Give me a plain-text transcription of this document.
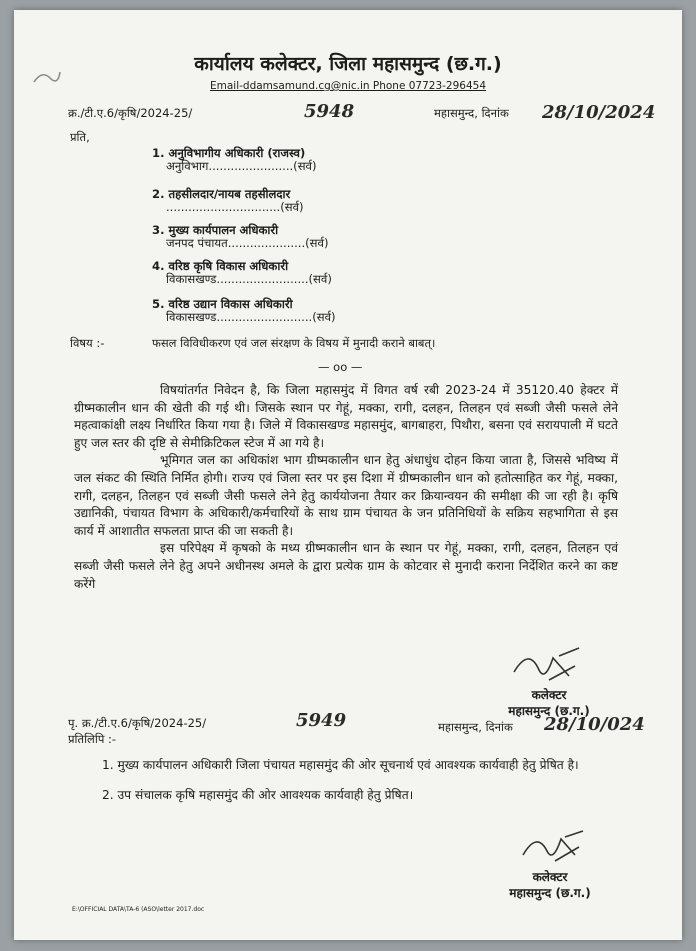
कार्यालय कलेक्टर, जिला महासमुन्द (छ.ग.)
Email-ddamsamund.cg@nic.in Phone 07723-296454
क्र./टी.ए.6/कृषि/2024-25/	5948	महासमुन्द, दिनांक 28/10/2024
प्रति,
1. अनुविभागीय अधिकारी (राजस्व)
अनुविभाग.......................(सर्व)
2. तहसीलदार/नायब तहसीलदार
...............................(सर्व)
3. मुख्य कार्यपालन अधिकारी
जनपद पंचायत.....................(सर्व)
4. वरिष्ठ कृषि विकास अधिकारी
विकासखण्ड.........................(सर्व)
5. वरिष्ठ उद्यान विकास अधिकारी
विकासखण्ड..........................(सर्व)
विषय :-	फसल विविधीकरण एवं जल संरक्षण के विषय में मुनादी कराने बाबत्।
— oo —

विषयांतर्गत निवेदन है, कि जिला महासमुंद में विगत वर्ष रबी 2023-24 में 35120.40 हेक्टर में ग्रीष्मकालीन धान की खेती की गई थी। जिसके स्थान पर गेहूं, मक्का, रागी, दलहन, तिलहन एवं सब्जी जैसी फसले लेने महत्वाकांक्षी लक्ष्य निर्धारित किया गया है। जिले में विकासखण्ड महासमुंद, बागबाहरा, पिथौरा, बसना एवं सरायपाली में घटते हुए जल स्तर की दृष्टि से सेमीक्रिटिकल स्टेज में आ गये है।

भूमिगत जल का अधिकांश भाग ग्रीष्मकालीन धान हेतु अंधाधुंध दोहन किया जाता है, जिससे भविष्य में जल संकट की स्थिति निर्मित होगी। राज्य एवं जिला स्तर पर इस दिशा में ग्रीष्मकालीन धान को हतोत्साहित कर गेहूं, मक्का, रागी, दलहन, तिलहन एवं सब्जी जैसी फसले लेने हेतु कार्ययोजना तैयार कर क्रियान्वयन की समीक्षा की जा रही है। कृषि उद्यानिकी, पंचायत विभाग के अधिकारी/कर्मचारियों के साथ ग्राम पंचायत के जन प्रतिनिधियों के सक्रिय सहभागिता से इस कार्य में आशातीत सफलता प्राप्त की जा सकती है।

इस परिपेक्ष्य में कृषको के मध्य ग्रीष्मकालीन धान के स्थान पर गेहूं, मक्का, रागी, दलहन, तिलहन एवं सब्जी जैसी फसले लेने हेतु अपने अधीनस्थ अमले के द्वारा प्रत्येक ग्राम के कोटवार से मुनादी कराना निर्देशित करने का कष्ट करेंगे

कलेक्टर
महासमुन्द (छ.ग.)
पृ. क्र./टी.ए.6/कृषि/2024-25/	5949	महासमुन्द, दिनांक 28/10/024
प्रतिलिपि :-

1. मुख्य कार्यपालन अधिकारी जिला पंचायत महासमुंद की ओर सूचनार्थ एवं आवश्यक कार्यवाही हेतु प्रेषित है।

2. उप संचालक कृषि महासमुंद की ओर आवश्यक कार्यवाही हेतु प्रेषित।

कलेक्टर
महासमुन्द (छ.ग.)
E:\OFFICIAL DATA\TA-6 (ASO\letter 2017.doc
